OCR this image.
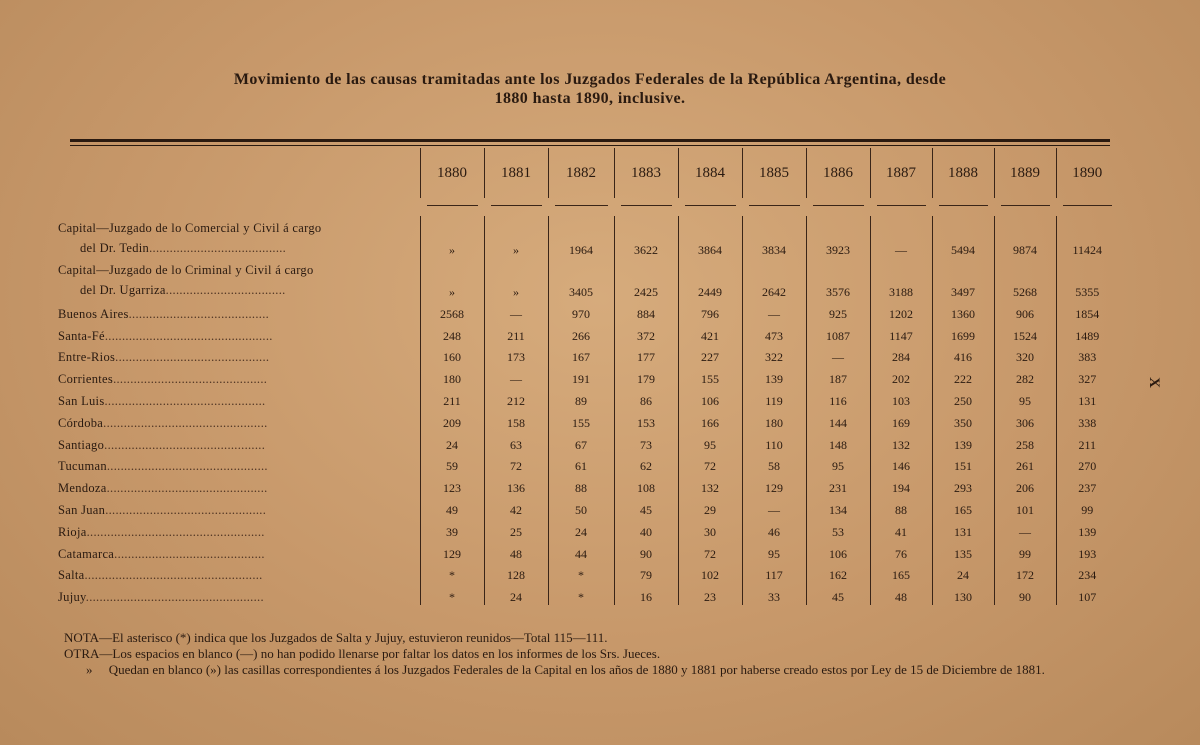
Movimiento de las causas tramitadas ante los Juzgados Federales de la República Argentina, desde
1880 hasta 1890, inclusive.
	1880	1881	1882	1883	1884	1885	1886	1887	1888	1889	1890

Capital—Juzgado de lo Comercial y Civil á cargo
del Dr. Tedin........................................	»	»	1964	3622	3864	3834	3923	—	5494	9874	11424
Capital—Juzgado de lo Criminal y Civil á cargo
del Dr. Ugarriza...................................	»	»	3405	2425	2449	2642	3576	3188	3497	5268	5355
Buenos Aires.........................................	2568	—	970	884	796	—	925	1202	1360	906	1854
Santa-Fé.................................................	248	211	266	372	421	473	1087	1147	1699	1524	1489
Entre-Rios.............................................	160	173	167	177	227	322	—	284	416	320	383
Corrientes.............................................	180	—	191	179	155	139	187	202	222	282	327
San Luis...............................................	211	212	89	86	106	119	116	103	250	95	131
Córdoba................................................	209	158	155	153	166	180	144	169	350	306	338
Santiago...............................................	24	63	67	73	95	110	148	132	139	258	211
Tucuman...............................................	59	72	61	62	72	58	95	146	151	261	270
Mendoza...............................................	123	136	88	108	132	129	231	194	293	206	237
San Juan...............................................	49	42	50	45	29	—	134	88	165	101	99
Rioja....................................................	39	25	24	40	30	46	53	41	131	—	139
Catamarca............................................	129	48	44	90	72	95	106	76	135	99	193
Salta....................................................	*	128	*	79	102	117	162	165	24	172	234
Jujuy....................................................	*	24	*	16	23	33	45	48	130	90	107
NOTA—El asterisco (*) indica que los Juzgados de Salta y Jujuy, estuvieron reunidos—Total 115—111.
OTRA—Los espacios en blanco (—) no han podido llenarse por faltar los datos en los informes de los Srs. Jueces.
» Quedan en blanco (») las casillas correspondientes á los Juzgados Federales de la Capital en los años de 1880 y 1881 por haberse creado estos por Ley de 15 de Diciembre de 1881.
X
